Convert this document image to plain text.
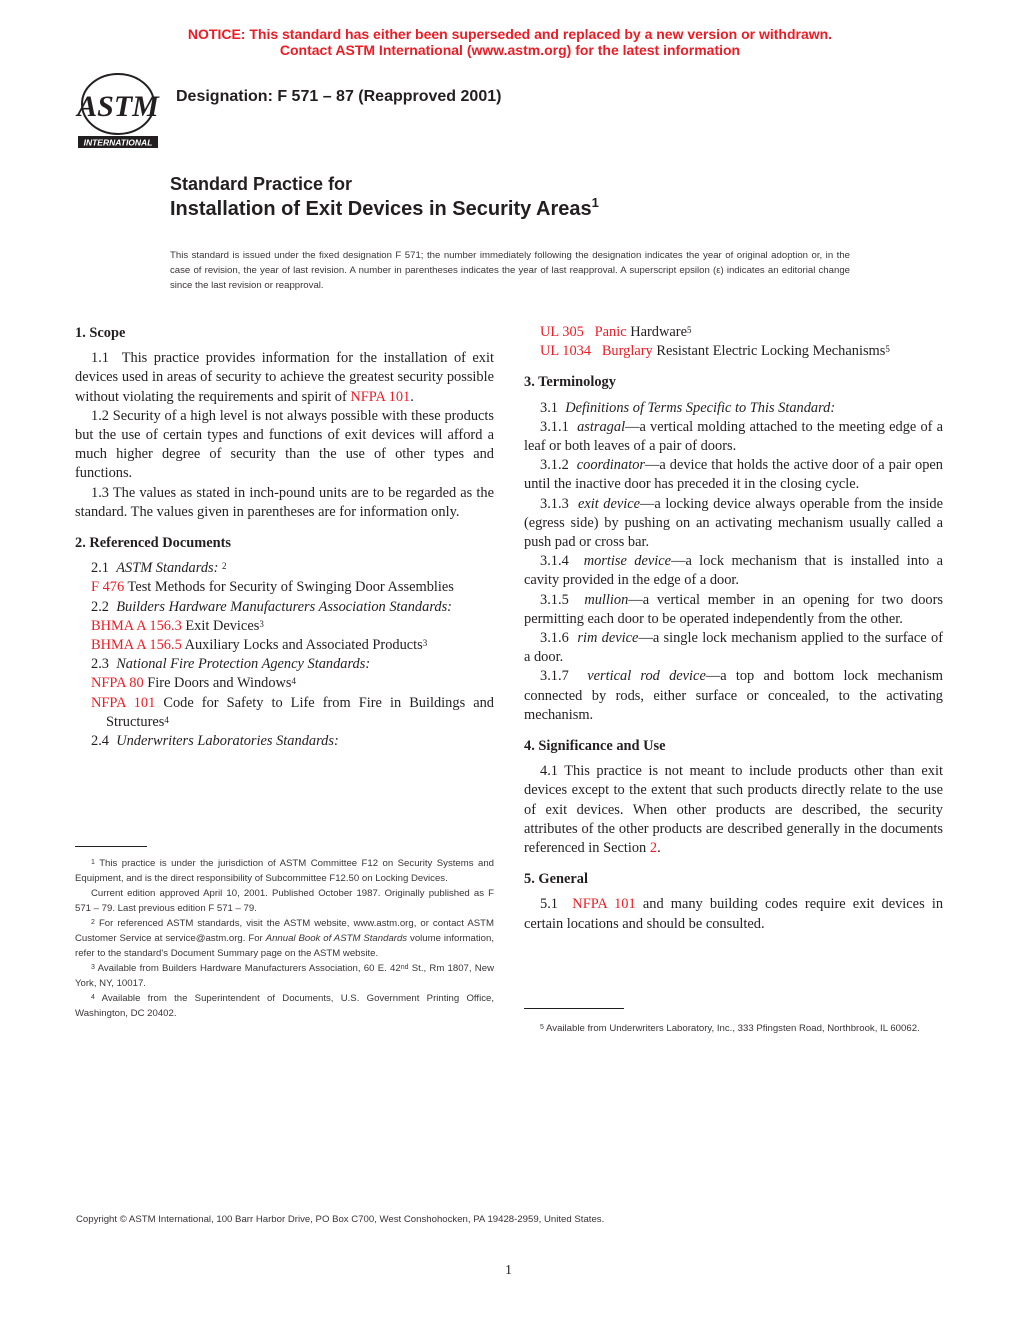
NOTICE: This standard has either been superseded and replaced by a new version or withdrawn.
Contact ASTM International (www.astm.org) for the latest information
ASTM
INTERNATIONAL
Designation: F 571 – 87 (Reapproved 2001)
Standard Practice for
Installation of Exit Devices in Security Areas$^1$
This standard is issued under the fixed designation F 571; the number immediately following the designation indicates the year of original adoption or, in the case of revision, the year of last revision. A number in parentheses indicates the year of last reapproval. A superscript epsilon (ε) indicates an editorial change since the last revision or reapproval.

1. Scope

1.1 This practice provides information for the installation of exit devices used in areas of security to achieve the greatest security possible without violating the requirements and spirit of NFPA 101.

1.2 Security of a high level is not always possible with these products but the use of certain types and functions of exit devices will afford a much higher degree of security than the use of other types and functions.

1.3 The values as stated in inch-pound units are to be regarded as the standard. The values given in parentheses are for information only.

2. Referenced Documents

2.1 ASTM Standards: $^2$

F 476 Test Methods for Security of Swinging Door Assemblies

2.2 Builders Hardware Manufacturers Association Standards:

BHMA A 156.3 Exit Devices$^3$

BHMA A 156.5 Auxiliary Locks and Associated Products$^3$

2.3 National Fire Protection Agency Standards:

NFPA 80 Fire Doors and Windows$^4$

NFPA 101 Code for Safety to Life from Fire in Buildings and Structures$^4$

2.4 Underwriters Laboratories Standards:

$^1$ This practice is under the jurisdiction of ASTM Committee F12 on Security Systems and Equipment, and is the direct responsibility of Subcommittee F12.50 on Locking Devices.

Current edition approved April 10, 2001. Published October 1987. Originally published as F 571 – 79. Last previous edition F 571 – 79.

$^2$ For referenced ASTM standards, visit the ASTM website, www.astm.org, or contact ASTM Customer Service at service@astm.org. For Annual Book of ASTM Standards volume information, refer to the standard's Document Summary page on the ASTM website.

$^3$ Available from Builders Hardware Manufacturers Association, 60 E. 42nd St., Rm 1807, New York, NY, 10017.

$^4$ Available from the Superintendent of Documents, U.S. Government Printing Office, Washington, DC 20402.

UL 305 Panic Hardware$^5$

UL 1034 Burglary Resistant Electric Locking Mechanisms$^5$

3. Terminology

3.1 Definitions of Terms Specific to This Standard:

3.1.1 astragal—a vertical molding attached to the meeting edge of a leaf or both leaves of a pair of doors.

3.1.2 coordinator—a device that holds the active door of a pair open until the inactive door has preceded it in the closing cycle.

3.1.3 exit device—a locking device always operable from the inside (egress side) by pushing on an activating mechanism usually called a push pad or cross bar.

3.1.4 mortise device—a lock mechanism that is installed into a cavity provided in the edge of a door.

3.1.5 mullion—a vertical member in an opening for two doors permitting each door to be operated independently from the other.

3.1.6 rim device—a single lock mechanism applied to the surface of a door.

3.1.7 vertical rod device—a top and bottom lock mechanism connected by rods, either surface or concealed, to the activating mechanism.

4. Significance and Use

4.1 This practice is not meant to include products other than exit devices except to the extent that such products directly relate to the use of exit devices. When other products are described, the security attributes of the other products are described generally in the documents referenced in Section 2.

5. General

5.1 NFPA 101 and many building codes require exit devices in certain locations and should be consulted.

$^5$ Available from Underwriters Laboratory, Inc., 333 Pfingsten Road, Northbrook, IL 60062.

Copyright © ASTM International, 100 Barr Harbor Drive, PO Box C700, West Conshohocken, PA 19428-2959, United States.
1
